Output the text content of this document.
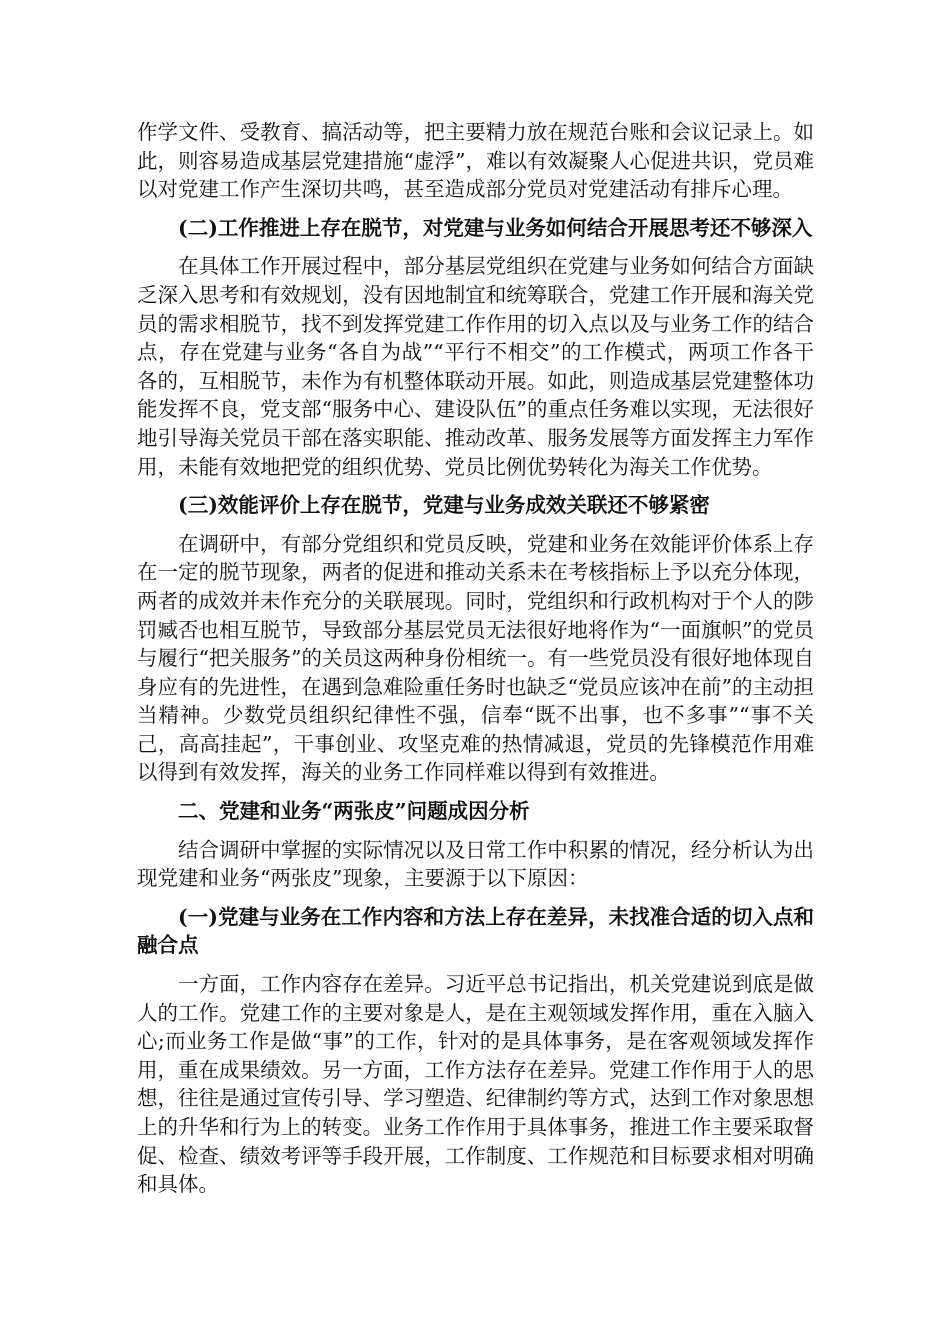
作学文件、受教育、搞活动等，把主要精力放在规范台账和会议记录上。如此，则容易造成基层党建措施“虚浮”，难以有效凝聚人心促进共识，党员难以对党建工作产生深切共鸣，甚至造成部分党员对党建活动有排斥心理。

(二)工作推进上存在脱节，对党建与业务如何结合开展思考还不够深入

在具体工作开展过程中，部分基层党组织在党建与业务如何结合方面缺乏深入思考和有效规划，没有因地制宜和统筹联合，党建工作开展和海关党员的需求相脱节，找不到发挥党建工作作用的切入点以及与业务工作的结合点，存在党建与业务“各自为战”“平行不相交”的工作模式，两项工作各干各的，互相脱节，未作为有机整体联动开展。如此，则造成基层党建整体功能发挥不良，党支部“服务中心、建设队伍”的重点任务难以实现，无法很好地引导海关党员干部在落实职能、推动改革、服务发展等方面发挥主力军作用，未能有效地把党的组织优势、党员比例优势转化为海关工作优势。

(三)效能评价上存在脱节，党建与业务成效关联还不够紧密

在调研中，有部分党组织和党员反映，党建和业务在效能评价体系上存在一定的脱节现象，两者的促进和推动关系未在考核指标上予以充分体现，两者的成效并未作充分的关联展现。同时，党组织和行政机构对于个人的陟罚臧否也相互脱节，导致部分基层党员无法很好地将作为“一面旗帜”的党员与履行“把关服务”的关员这两种身份相统一。有一些党员没有很好地体现自身应有的先进性，在遇到急难险重任务时也缺乏“党员应该冲在前”的主动担当精神。少数党员组织纪律性不强，信奉“既不出事，也不多事”“事不关己，高高挂起”，干事创业、攻坚克难的热情减退，党员的先锋模范作用难以得到有效发挥，海关的业务工作同样难以得到有效推进。

二、党建和业务“两张皮”问题成因分析

结合调研中掌握的实际情况以及日常工作中积累的情况，经分析认为出现党建和业务“两张皮”现象，主要源于以下原因：

(一)党建与业务在工作内容和方法上存在差异，未找准合适的切入点和融合点

一方面，工作内容存在差异。习近平总书记指出，机关党建说到底是做人的工作。党建工作的主要对象是人，是在主观领域发挥作用，重在入脑入心;而业务工作是做“事”的工作，针对的是具体事务，是在客观领域发挥作用，重在成果绩效。另一方面，工作方法存在差异。党建工作作用于人的思想，往往是通过宣传引导、学习塑造、纪律制约等方式，达到工作对象思想上的升华和行为上的转变。业务工作作用于具体事务，推进工作主要采取督促、检查、绩效考评等手段开展，工作制度、工作规范和目标要求相对明确和具体。
